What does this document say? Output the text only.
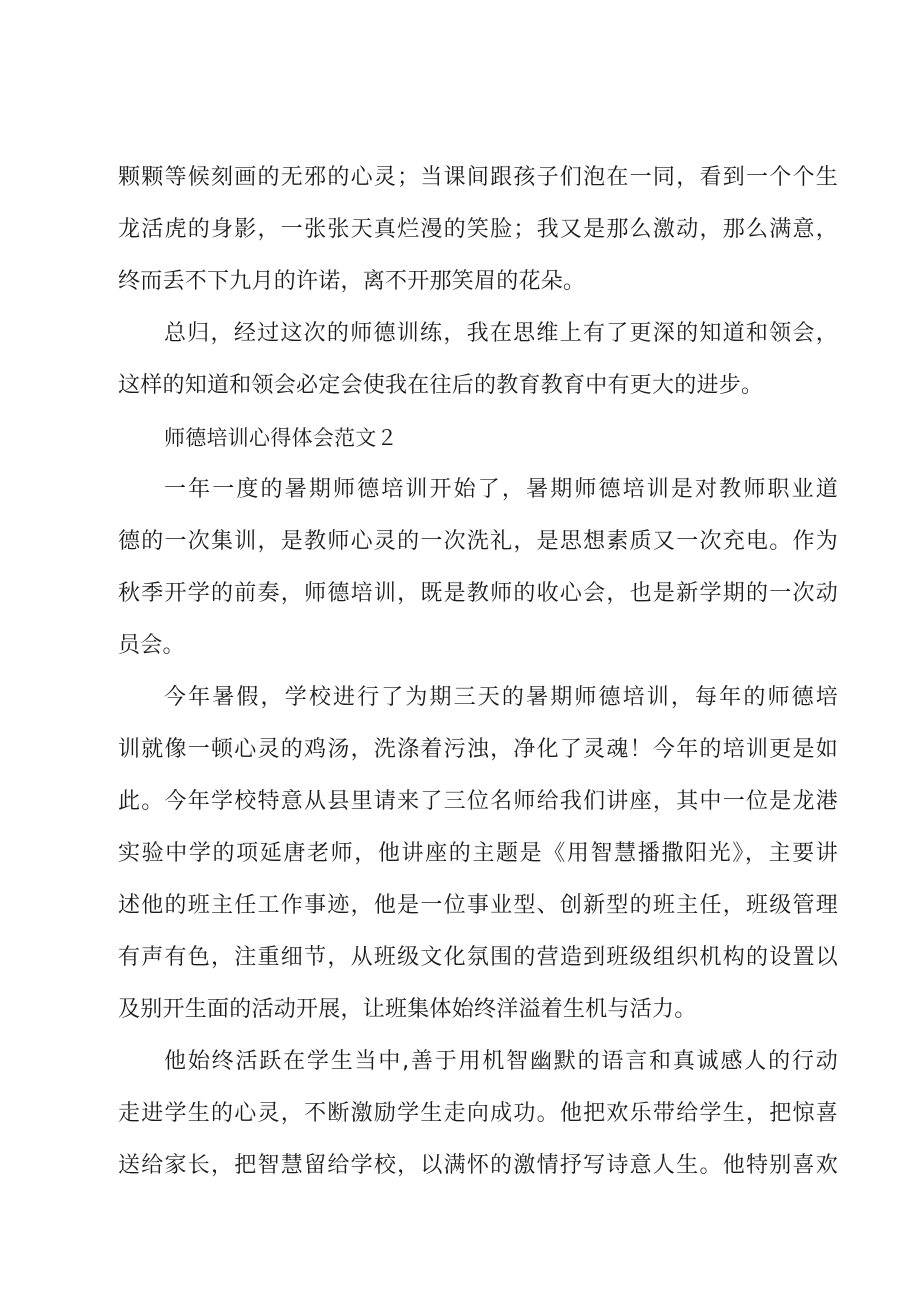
颗颗等候刻画的无邪的心灵；当课间跟孩子们泡在一同，看到一个个生
龙活虎的身影，一张张天真烂漫的笑脸；我又是那么激动，那么满意，
终而丢不下九月的许诺，离不开那笑眉的花朵。
总归，经过这次的师德训练，我在思维上有了更深的知道和领会，
这样的知道和领会必定会使我在往后的教育教育中有更大的进步。
师德培训心得体会范文２
一年一度的暑期师德培训开始了，暑期师德培训是对教师职业道
德的一次集训，是教师心灵的一次洗礼，是思想素质又一次充电。作为
秋季开学的前奏，师德培训，既是教师的收心会，也是新学期的一次动
员会。
今年暑假，学校进行了为期三天的暑期师德培训，每年的师德培
训就像一顿心灵的鸡汤，洗涤着污浊，净化了灵魂！今年的培训更是如
此。今年学校特意从县里请来了三位名师给我们讲座，其中一位是龙港
实验中学的项延唐老师，他讲座的主题是《用智慧播撒阳光》，主要讲
述他的班主任工作事迹，他是一位事业型、创新型的班主任，班级管理
有声有色，注重细节，从班级文化氛围的营造到班级组织机构的设置以
及别开生面的活动开展，让班集体始终洋溢着生机与活力。
他始终活跃在学生当中,善于用机智幽默的语言和真诚感人的行动
走进学生的心灵，不断激励学生走向成功。他把欢乐带给学生，把惊喜
送给家长，把智慧留给学校，以满怀的激情抒写诗意人生。他特别喜欢
